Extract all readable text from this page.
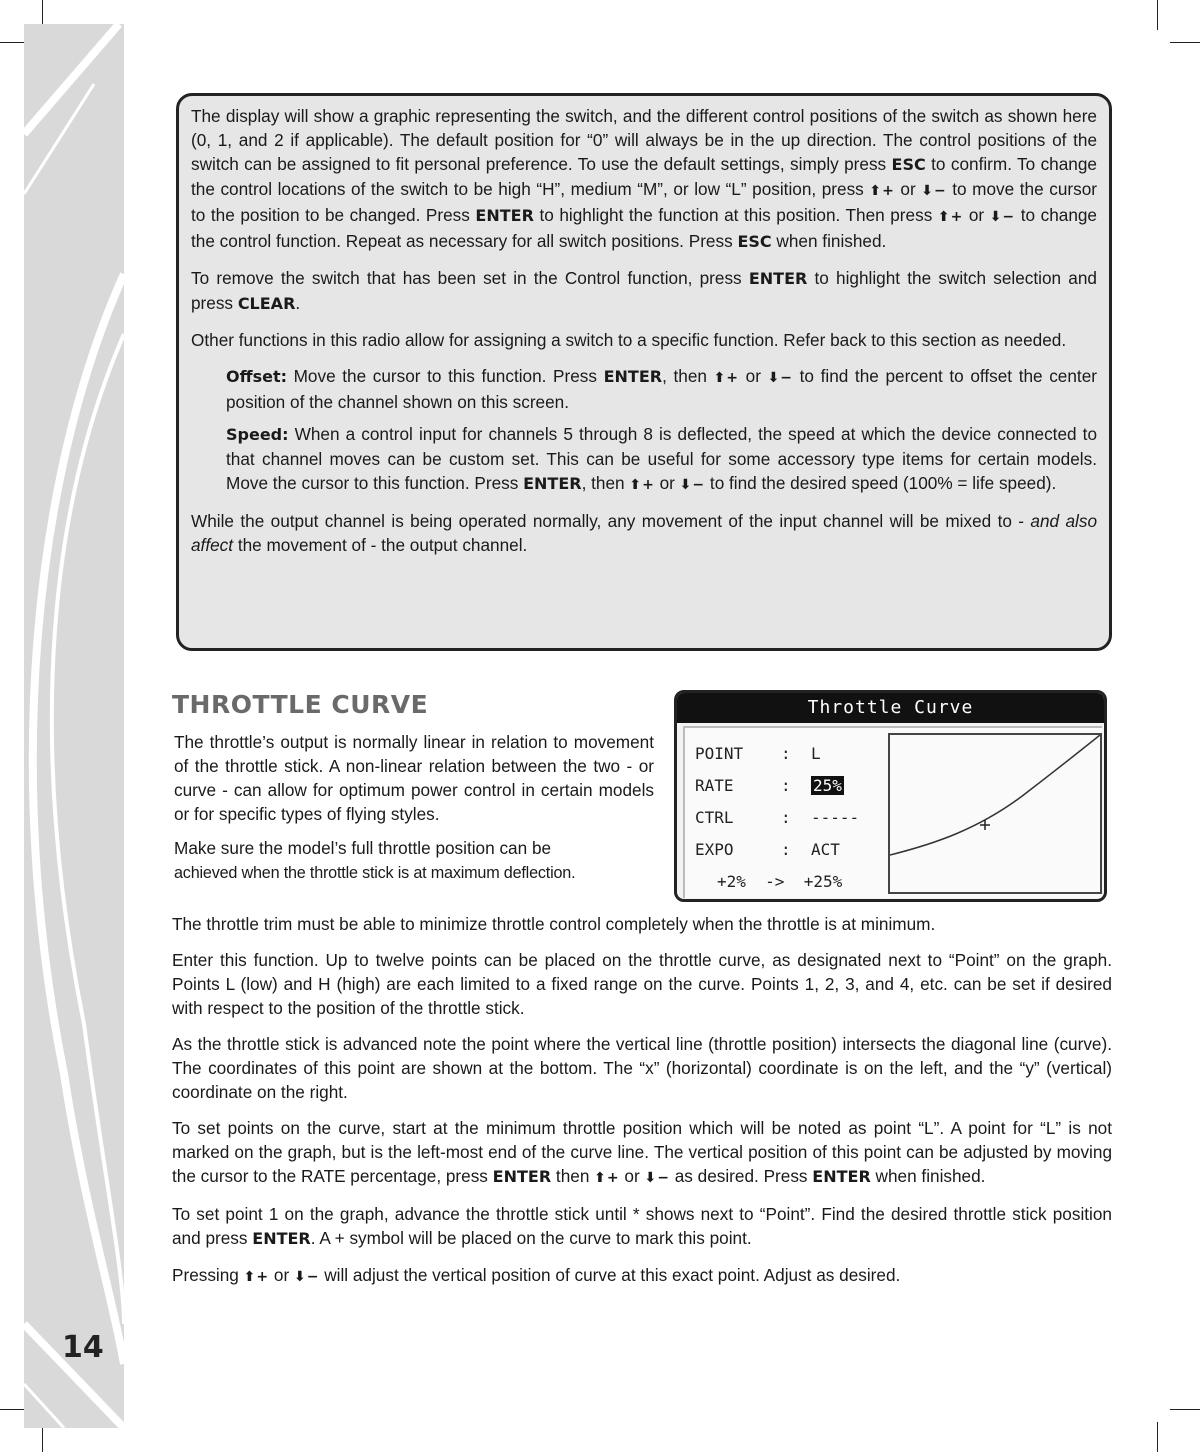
14

The display will show a graphic representing the switch, and the different control positions of the switch as shown here (0, 1, and 2 if applicable). The default position for “0” will always be in the up direction. The control positions of the switch can be assigned to fit personal preference. To use the default settings, simply press ESC to confirm. To change the control locations of the switch to be high “H”, medium “M”, or low “L” position, press ⬆+ or ⬇− to move the cursor to the position to be changed. Press ENTER to highlight the function at this position. Then press ⬆+ or ⬇− to change the control function. Repeat as necessary for all switch positions. Press ESC when finished.

To remove the switch that has been set in the Control function, press ENTER to highlight the switch selection and press CLEAR.

Other functions in this radio allow for assigning a switch to a specific function. Refer back to this section as needed.

Offset: Move the cursor to this function. Press ENTER, then ⬆+ or ⬇− to find the percent to offset the center position of the channel shown on this screen.

Speed: When a control input for channels 5 through 8 is deflected, the speed at which the device connected to that channel moves can be custom set. This can be useful for some accessory type items for certain models. Move the cursor to this function. Press ENTER, then ⬆+ or ⬇− to find the desired speed (100% = life speed).

While the output channel is being operated normally, any movement of the input channel will be mixed to - and also affect the movement of - the output channel.

THROTTLE CURVE

The throttle’s output is normally linear in relation to movement of the throttle stick. A non-linear relation between the two - or curve - can allow for optimum power control in certain models or for specific types of flying styles.

Make sure the model’s full throttle position can be
achieved when the throttle stick is at maximum deflection.

Throttle Curve
POINT : L
RATE	: 25%
CTRL	: -----
EXPO	: ACT
+2%  ->  +25%

The throttle trim must be able to minimize throttle control completely when the throttle is at minimum.

Enter this function. Up to twelve points can be placed on the throttle curve, as designated next to “Point” on the graph. Points L (low) and H (high) are each limited to a fixed range on the curve. Points 1, 2, 3, and 4, etc. can be set if desired with respect to the position of the throttle stick.

As the throttle stick is advanced note the point where the vertical line (throttle position) intersects the diagonal line (curve). The coordinates of this point are shown at the bottom. The “x” (horizontal) coordinate is on the left, and the “y” (vertical) coordinate on the right.

To set points on the curve, start at the minimum throttle position which will be noted as point “L”. A point for “L” is not marked on the graph, but is the left-most end of the curve line. The vertical position of this point can be adjusted by moving the cursor to the RATE percentage, press ENTER then ⬆+ or ⬇− as desired. Press ENTER when finished.

To set point 1 on the graph, advance the throttle stick until * shows next to “Point”. Find the desired throttle stick position and press ENTER. A + symbol will be placed on the curve to mark this point.

Pressing ⬆+ or ⬇− will adjust the vertical position of curve at this exact point. Adjust as desired.
